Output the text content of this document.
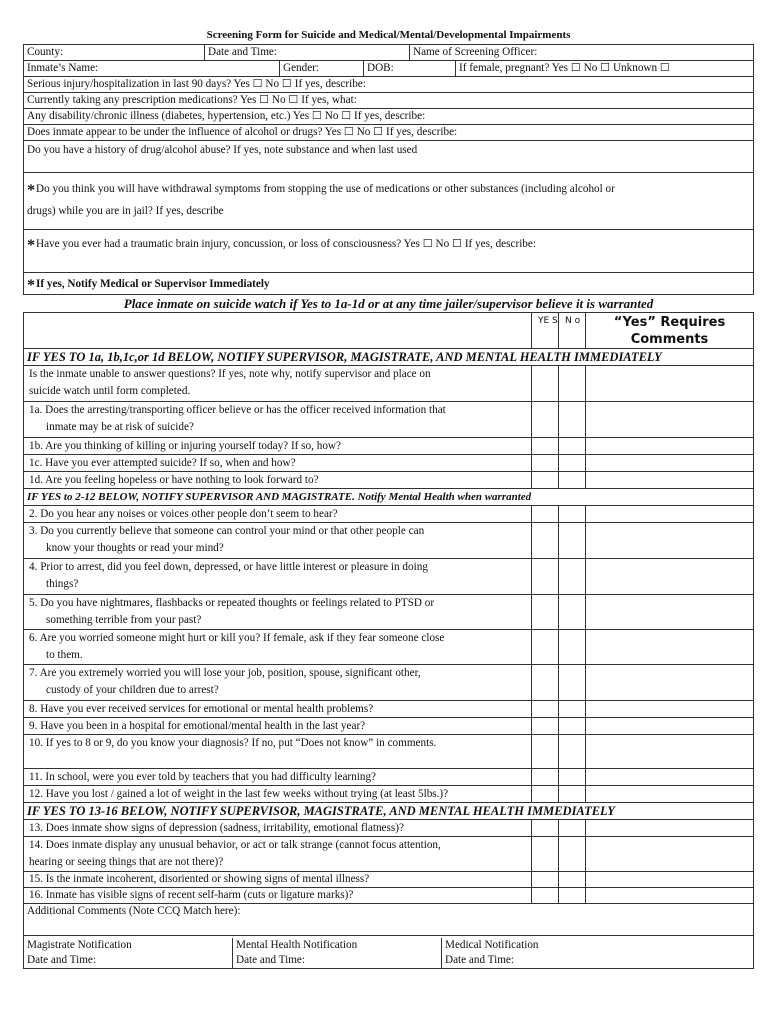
Screening Form for Suicide and Medical/Mental/Developmental Impairments
County:	Date and Time:	Name of Screening Officer:
Inmate’s Name:	Gender:	DOB:	If female, pregnant? Yes ☐ No ☐ Unknown ☐
Serious injury/hospitalization in last 90 days? Yes ☐ No ☐ If yes, describe:
Currently taking any prescription medications? Yes ☐ No ☐ If yes, what:
Any disability/chronic illness (diabetes, hypertension, etc.) Yes ☐ No ☐ If yes, describe:
Does inmate appear to be under the influence of alcohol or drugs? Yes ☐ No ☐ If yes, describe:
Do you have a history of drug/alcohol abuse? If yes, note substance and when last used
*Do you think you will have withdrawal symptoms from stopping the use of medications or other substances (including alcohol or
drugs) while you are in jail? If yes, describe
*Have you ever had a traumatic brain injury, concussion, or loss of consciousness? Yes ☐ No ☐ If yes, describe:
*If yes, Notify Medical or Supervisor Immediately
Place inmate on suicide watch if Yes to 1a-1d or at any time jailer/supervisor believe it is warranted
YE S N o	“Yes” Requires Comments
IF YES TO 1a, 1b,1c,or 1d BELOW, NOTIFY SUPERVISOR, MAGISTRATE, AND MENTAL HEALTH IMMEDIATELY
Is the inmate unable to answer questions? If yes, note why, notify supervisor and place on
suicide watch until form completed.
1a. Does the arresting/transporting officer believe or has the officer received information that
inmate may be at risk of suicide?
1b. Are you thinking of killing or injuring yourself today? If so, how?
1c. Have you ever attempted suicide? If so, when and how?
1d. Are you feeling hopeless or have nothing to look forward to?
IF YES to 2-12 BELOW, NOTIFY SUPERVISOR AND MAGISTRATE. Notify Mental Health when warranted
2. Do you hear any noises or voices other people don’t seem to hear?
3. Do you currently believe that someone can control your mind or that other people can
know your thoughts or read your mind?
4. Prior to arrest, did you feel down, depressed, or have little interest or pleasure in doing
things?
5. Do you have nightmares, flashbacks or repeated thoughts or feelings related to PTSD or
something terrible from your past?
6. Are you worried someone might hurt or kill you? If female, ask if they fear someone close
to them.
7. Are you extremely worried you will lose your job, position, spouse, significant other,
custody of your children due to arrest?
8. Have you ever received services for emotional or mental health problems?
9. Have you been in a hospital for emotional/mental health in the last year?
10. If yes to 8 or 9, do you know your diagnosis? If no, put “Does not know” in comments.
11. In school, were you ever told by teachers that you had difficulty learning?
12. Have you lost / gained a lot of weight in the last few weeks without trying (at least 5lbs.)?
IF YES TO 13-16 BELOW, NOTIFY SUPERVISOR, MAGISTRATE, AND MENTAL HEALTH IMMEDIATELY
13. Does inmate show signs of depression (sadness, irritability, emotional flatness)?
14. Does inmate display any unusual behavior, or act or talk strange (cannot focus attention,
hearing or seeing things that are not there)?
15. Is the inmate incoherent, disoriented or showing signs of mental illness?
16. Inmate has visible signs of recent self-harm (cuts or ligature marks)?
Additional Comments (Note CCQ Match here):
Magistrate Notification
Date and Time:
Mental Health Notification
Date and Time:
Medical Notification
Date and Time:
